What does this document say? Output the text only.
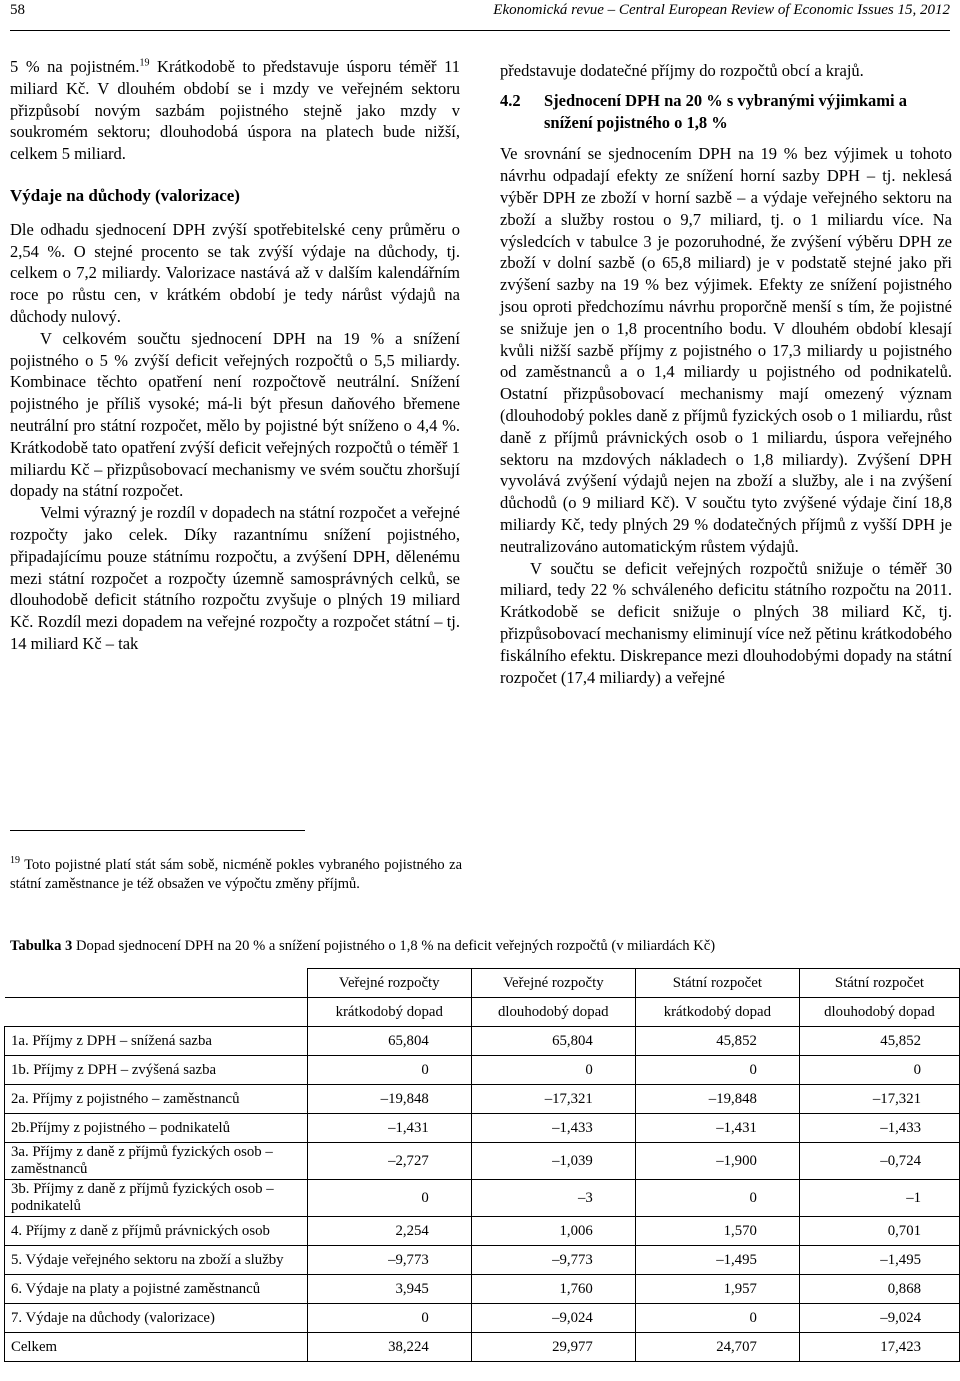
58	Ekonomická revue – Central European Review of Economic Issues 15, 2012

5 % na pojistném.$^{19}$ Krátkodobě to představuje úsporu téměř 11 miliard Kč. V dlouhém období se i mzdy ve veřejném sektoru přizpůsobí novým sazbám pojistného stejně jako mzdy v soukromém sektoru; dlouhodobá úspora na platech bude nižší, celkem 5 miliard.

Výdaje na důchody (valorizace)

Dle odhadu sjednocení DPH zvýší spotřebitelské ceny průměru o 2,54 %. O stejné procento se tak zvýší výdaje na důchody, tj. celkem o 7,2 miliardy. Valorizace nastává až v dalším kalendářním roce po růstu cen, v krátkém období je tedy nárůst výdajů na důchody nulový.

V celkovém součtu sjednocení DPH na 19 % a snížení pojistného o 5 % zvýší deficit veřejných rozpočtů o 5,5 miliardy. Kombinace těchto opatření není rozpočtově neutrální. Snížení pojistného je příliš vysoké; má-li být přesun daňového břemene neutrální pro státní rozpočet, mělo by pojistné být sníženo o 4,4 %. Krátkodobě tato opatření zvýší deficit veřejných rozpočtů o téměř 1 miliardu Kč – přizpůsobovací mechanismy ve svém součtu zhoršují dopady na státní rozpočet.

Velmi výrazný je rozdíl v dopadech na státní rozpočet a veřejné rozpočty jako celek. Díky razantnímu snížení pojistného, připadajícímu pouze státnímu rozpočtu, a zvýšení DPH, dělenému mezi státní rozpočet a rozpočty územně samosprávných celků, se dlouhodobě deficit státního rozpočtu zvyšuje o plných 19 miliard Kč. Rozdíl mezi dopadem na veřejné rozpočty a rozpočet státní – tj. 14 miliard Kč – tak

$^{19}$ Toto pojistné platí stát sám sobě, nicméně pokles vybraného pojistného za státní zaměstnance je též obsažen ve výpočtu změny příjmů.

představuje dodatečné příjmy do rozpočtů obcí a krajů.

4.2	Sjednocení DPH na 20 % s vybranými výjimkami a snížení pojistného o 1,8 %

Ve srovnání se sjednocením DPH na 19 % bez výjimek u tohoto návrhu odpadají efekty ze snížení horní sazby DPH – tj. neklesá výběr DPH ze zboží v horní sazbě – a výdaje veřejného sektoru na zboží a služby rostou o 9,7 miliard, tj. o 1 miliardu více. Na výsledcích v tabulce 3 je pozoruhodné, že zvýšení výběru DPH ze zboží v dolní sazbě (o 65,8 miliard) je v podstatě stejné jako při zvýšení sazby na 19 % bez výjimek. Efekty ze snížení pojistného jsou oproti předchozímu návrhu proporčně menší s tím, že pojistné se snižuje jen o 1,8 procentního bodu. V dlouhém období klesají kvůli nižší sazbě příjmy z pojistného o 17,3 miliardy u pojistného od zaměstnanců a o 1,4 miliardy u pojistného od podnikatelů. Ostatní přizpůsobovací mechanismy mají omezený význam (dlouhodobý pokles daně z příjmů fyzických osob o 1 miliardu, růst daně z příjmů právnických osob o 1 miliardu, úspora veřejného sektoru na mzdových nákladech o 1,8 miliardy). Zvýšení DPH vyvolává zvýšení výdajů nejen na zboží a služby, ale i na zvýšení důchodů (o 9 miliard Kč). V součtu tyto zvýšené výdaje činí 18,8 miliardy Kč, tedy plných 29 % dodatečných příjmů z vyšší DPH je neutralizováno automatickým růstem výdajů.

V součtu se deficit veřejných rozpočtů snižuje o téměř 30 miliard, tedy 22 % schváleného deficitu státního rozpočtu na 2011. Krátkodobě se deficit snižuje o plných 38 miliard Kč, tj. přizpůsobovací mechanismy eliminují více než pětinu krátkodobého fiskálního efektu. Diskrepance mezi dlouhodobými dopady na státní rozpočet (17,4 miliardy) a veřejné

Tabulka 3 Dopad sjednocení DPH na 20 % a snížení pojistného o 1,8 % na deficit veřejných rozpočtů (v miliardách Kč)
	Veřejné rozpočty	Veřejné rozpočty	Státní rozpočet	Státní rozpočet
	krátkodobý dopad	dlouhodobý dopad	krátkodobý dopad	dlouhodobý dopad
1a. Příjmy z DPH – snížená sazba	65,804	65,804	45,852	45,852
1b. Příjmy z DPH – zvýšená sazba	0	0	0	0
2a. Příjmy z pojistného – zaměstnanců	–19,848	–17,321	–19,848	–17,321
2b.Příjmy z pojistného – podnikatelů	–1,431	–1,433	–1,431	–1,433
3a. Příjmy z daně z příjmů fyzických osob – zaměstnanců	–2,727	–1,039	–1,900	–0,724
3b. Příjmy z daně z příjmů fyzických osob – podnikatelů	0	–3	0	–1
4. Příjmy z daně z příjmů právnických osob	2,254	1,006	1,570	0,701
5. Výdaje veřejného sektoru na zboží a služby	–9,773	–9,773	–1,495	–1,495
6. Výdaje na platy a pojistné zaměstnanců	3,945	1,760	1,957	0,868
7. Výdaje na důchody (valorizace)	0	–9,024	0	–9,024
Celkem	38,224	29,977	24,707	17,423
